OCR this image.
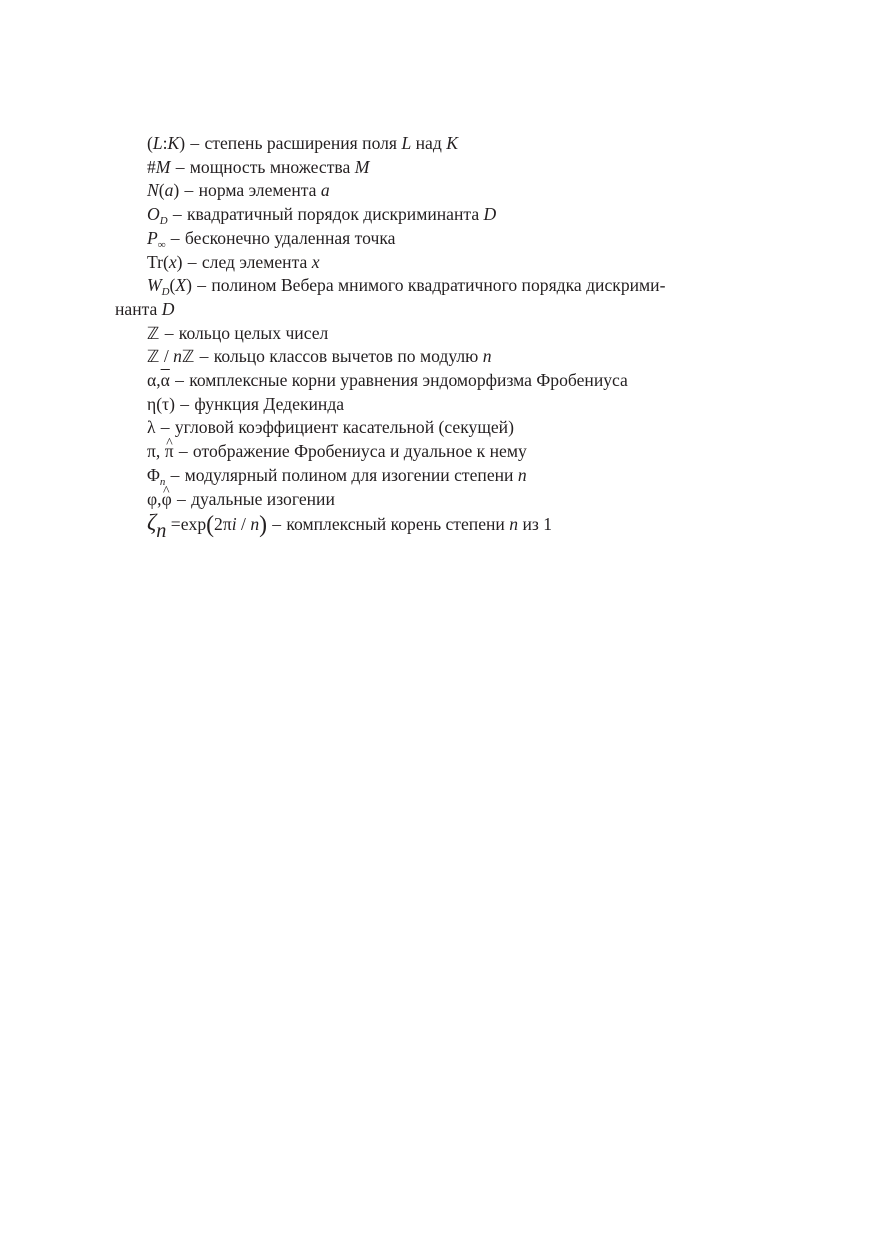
(L:K) – степень расширения поля L над K
#M – мощность множества M
N(a) – норма элемента a
$O_D$ – квадратичный порядок дискриминанта D
$P_\infty$ – бесконечно удаленная точка
Tr(x) – след элемента x
$W_D(X)$ – полином Вебера мнимого квадратичного порядка дискрими-
нанта D
ℤ – кольцо целых чисел
ℤ / nℤ – кольцо классов вычетов по модулю n
$\alpha,\overline{\alpha}$ – комплексные корни уравнения эндоморфизма Фробениуса
η(τ) – функция Дедекинда
λ – угловой коэффициент касательной (секущей)
π, ^ π – отображение Фробениуса и дуальное к нему
$\Phi_n$ – модулярный полином для изогении степени n
φ,^ φ – дуальные изогении
ζn =exp(2πi / n) – комплексный корень степени n из 1
